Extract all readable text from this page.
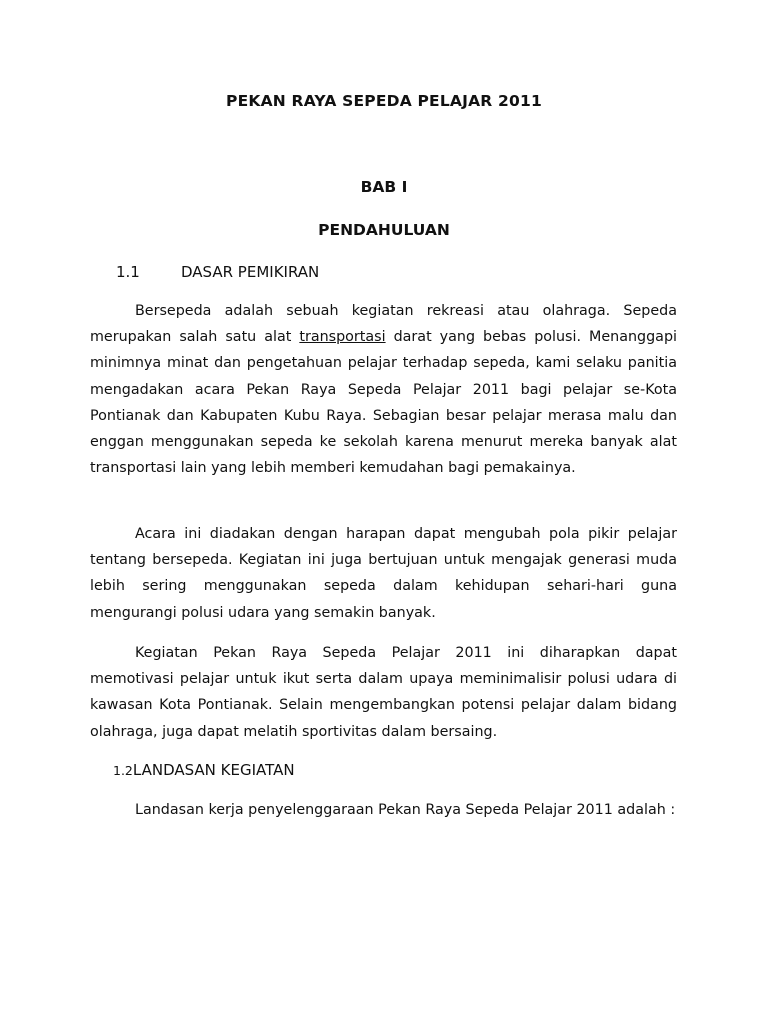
PEKAN RAYA SEPEDA PELAJAR 2011
BAB I
PENDAHULUAN
1.1	DASAR PEMIKIRAN

Bersepeda adalah sebuah kegiatan rekreasi atau olahraga. Sepeda merupakan salah satu alat transportasi darat yang bebas polusi. Menanggapi minimnya minat dan pengetahuan pelajar terhadap sepeda, kami selaku panitia mengadakan acara Pekan Raya Sepeda Pelajar 2011 bagi pelajar se-Kota Pontianak dan Kabupaten Kubu Raya. Sebagian besar pelajar merasa malu dan enggan menggunakan sepeda ke sekolah karena menurut mereka banyak alat transportasi lain yang lebih memberi kemudahan bagi pemakainya.

Acara ini diadakan dengan harapan dapat mengubah pola pikir pelajar tentang bersepeda. Kegiatan ini juga bertujuan untuk mengajak generasi muda lebih sering menggunakan sepeda dalam kehidupan sehari-hari guna mengurangi polusi udara yang semakin banyak.

Kegiatan Pekan Raya Sepeda Pelajar 2011 ini diharapkan dapat memotivasi pelajar untuk ikut serta dalam upaya meminimalisir polusi udara di kawasan Kota Pontianak. Selain mengembangkan potensi pelajar dalam bidang olahraga, juga dapat melatih sportivitas dalam bersaing.

1.2LANDASAN KEGIATAN

Landasan kerja penyelenggaraan Pekan Raya Sepeda Pelajar 2011 adalah :
